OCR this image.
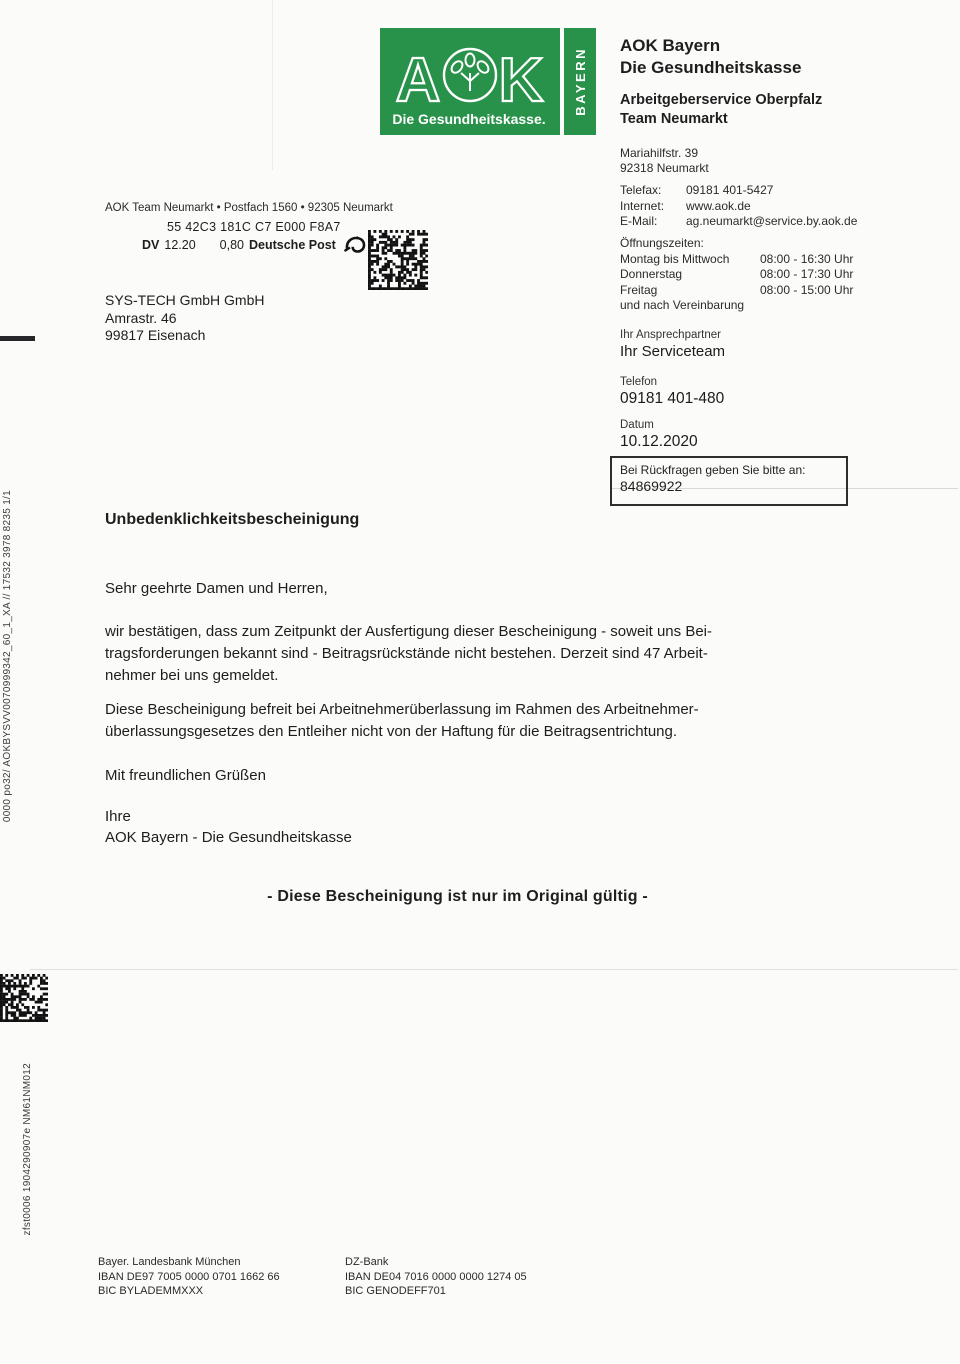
A K
Die Gesundheitskasse.
BAYERN
AOK Bayern
Die Gesundheitskasse
Arbeitgeberservice Oberpfalz
Team Neumarkt
Mariahilfstr. 39
92318 Neumarkt
Telefax:	09181 401-5427
Internet:	www.aok.de
E-Mail:	ag.neumarkt@service.by.aok.de
Öffnungszeiten:
Montag bis Mittwoch	08:00 - 16:30 Uhr
Donnerstag	08:00 - 17:30 Uhr
Freitag	08:00 - 15:00 Uhr
und nach Vereinbarung
AOK Team Neumarkt • Postfach 1560 • 92305 Neumarkt
55 42C3 181C C7 E000 F8A7
DV 12.20 0,80 Deutsche Post
SYS-TECH GmbH GmbH
Amrastr. 46
99817 Eisenach	Ihr Ansprechpartner
Ihr Serviceteam
Telefon
09181 401-480
Datum
10.12.2020
Bei Rückfragen geben Sie bitte an:
84869922
Unbedenklichkeitsbescheinigung
Sehr geehrte Damen und Herren,
wir bestätigen, dass zum Zeitpunkt der Ausfertigung dieser Bescheinigung - soweit uns Bei-
tragsforderungen bekannt sind - Beitragsrückstände nicht bestehen. Derzeit sind 47 Arbeit-
nehmer bei uns gemeldet.
Diese Bescheinigung befreit bei Arbeitnehmerüberlassung im Rahmen des Arbeitnehmer-
überlassungsgesetzes den Entleiher nicht von der Haftung für die Beitragsentrichtung.
Mit freundlichen Grüßen
Ihre
AOK Bayern - Die Gesundheitskasse
- Diese Bescheinigung ist nur im Original gültig -
0000 po32/ AOKBYSVV0070999342_60_1_XA // 17532 3978 8235 1/1
zfst0006 1904290907e NM61NM012
Bayer. Landesbank München
IBAN DE97 7005 0000 0701 1662 66
BIC BYLADEMMXXX
DZ-Bank
IBAN DE04 7016 0000 0000 1274 05
BIC GENODEFF701
